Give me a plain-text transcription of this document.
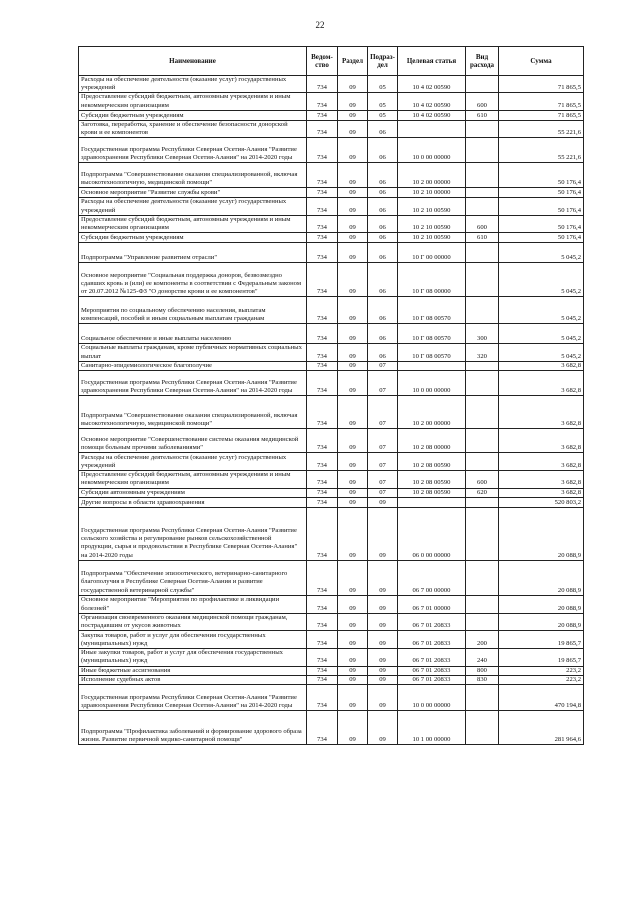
22
Наименование	Ведом-ство	Раздел	Подраз-дел	Целевая статья	Вид расхода	Сумма
Расходы на обеспечение деятельности (оказание услуг) государственных учреждений	734	09	05	10 4 02 00590		71 865,5
Предоставление субсидий бюджетным, автономным учреждениям и иным некоммерческим организациям	734	09	05	10 4 02 00590	600	71 865,5
Субсидии бюджетным учреждениям	734	09	05	10 4 02 00590	610	71 865,5
Заготовка, переработка, хранение и обеспечение безопасности донорской крови и ее компонентов	734	09	06			55 221,6
Государственная программа Республики Северная Осетия-Алания "Развитие здравоохранения Республики Северная Осетия-Алания" на 2014-2020 годы	734	09	06	10 0 00 00000		55 221,6
Подпрограмма "Совершенствование оказания специализированной, включая высокотехнологичную, медицинской помощи"	734	09	06	10 2 00 00000		50 176,4
Основное мероприятие "Развитие службы крови"	734	09	06	10 2 10 00000		50 176,4
Расходы на обеспечение деятельности (оказание услуг) государственных учреждений	734	09	06	10 2 10 00590		50 176,4
Предоставление субсидий бюджетным, автономным учреждениям и иным некоммерческим организациям	734	09	06	10 2 10 00590	600	50 176,4
Субсидии бюджетным учреждениям	734	09	06	10 2 10 00590	610	50 176,4
Подпрограмма "Управление развитием отрасли"	734	09	06	10 Г 00 00000		5 045,2
Основное мероприятие "Социальная поддержка доноров, безвозмездно сдавших кровь и (или) ее компоненты в соответствии с Федеральным законом от 20.07.2012 №125-ФЗ "О донорстве крови и ее компонентов"	734	09	06	10 Г 08 00000		5 045,2
Мероприятия по социальному обеспечению населения, выплатам компенсаций, пособий и иным социальным выплатам гражданам	734	09	06	10 Г 08 00570		5 045,2
Социальное обеспечение и иные выплаты населению	734	09	06	10 Г 08 00570	300	5 045,2
Социальные выплаты гражданам, кроме публичных нормативных социальных выплат	734	09	06	10 Г 08 00570	320	5 045,2
Санитарно-эпидемиологическое благополучие	734	09	07			3 682,8
Государственная программа Республики Северная Осетия-Алания "Развитие здравоохранения Республики Северная Осетия-Алания" на 2014-2020 годы	734	09	07	10 0 00 00000		3 682,8
Подпрограмма "Совершенствование оказания специализированной, включая высокотехнологичную, медицинской помощи"	734	09	07	10 2 00 00000		3 682,8
Основное мероприятие "Совершенствование системы оказания медицинской помощи больным прочими заболеваниями"	734	09	07	10 2 08 00000		3 682,8
Расходы на обеспечение деятельности (оказание услуг) государственных учреждений	734	09	07	10 2 08 00590		3 682,8
Предоставление субсидий бюджетным, автономным учреждениям и иным некоммерческим организациям	734	09	07	10 2 08 00590	600	3 682,8
Субсидии автономным учреждениям	734	09	07	10 2 08 00590	620	3 682,8
Другие вопросы в области здравоохранения	734	09	09			520 803,2
Государственная программа Республики Северная Осетия-Алания "Развитие сельского хозяйства и регулирование рынков сельскохозяйственной продукции, сырья и продовольствия в Республике Северная Осетия-Алания" на 2014-2020 годы	734	09	09	06 0 00 00000		20 088,9
Подпрограмма "Обеспечение эпизоотического, ветеринарно-санитарного благополучия в Республике Северная Осетия-Алания и развитие государственной ветеринарной службы"	734	09	09	06 7 00 00000		20 088,9
Основное мероприятие "Мероприятия по профилактике и ликвидации болезней"	734	09	09	06 7 01 00000		20 088,9
Организация своевременного оказания медицинской помощи гражданам, пострадавшим от укусов животных	734	09	09	06 7 01 20833		20 088,9
Закупка товаров, работ и услуг для обеспечения государственных (муниципальных) нужд	734	09	09	06 7 01 20833	200	19 865,7
Иные закупки товаров, работ и услуг для обеспечения государственных (муниципальных) нужд	734	09	09	06 7 01 20833	240	19 865,7
Иные бюджетные ассигнования	734	09	09	06 7 01 20833	800	223,2
Исполнение судебных актов	734	09	09	06 7 01 20833	830	223,2
Государственная программа Республики Северная Осетия-Алания "Развитие здравоохранения Республики Северная Осетия-Алания" на 2014-2020 годы	734	09	09	10 0 00 00000		470 194,8
Подпрограмма "Профилактика заболеваний и формирование здорового образа жизни. Развитие первичной медико-санитарной помощи"	734	09	09	10 1 00 00000		281 964,6
